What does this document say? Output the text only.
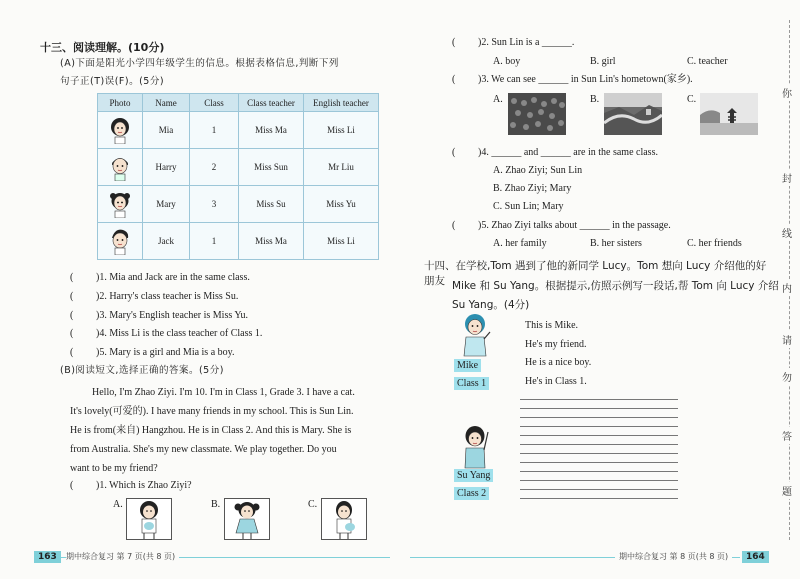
十三、阅读理解。(10分)
(A)下面是阳光小学四年级学生的信息。根据表格信息,判断下列
句子正(T)误(F)。(5分)
Photo	Name	Class	Class teacher	English teacher
	Mia	1	Miss Ma	Miss Li
	Harry	2	Miss Sun	Mr Liu
	Mary	3	Miss Su	Miss Yu
	Jack	1	Miss Ma	Miss Li
( )1. Mia and Jack are in the same class.
( )2. Harry's class teacher is Miss Su.
( )3. Mary's English teacher is Miss Yu.
( )4. Miss Li is the class teacher of Class 1.
( )5. Mary is a girl and Mia is a boy.
(B)阅读短文,选择正确的答案。(5分)
Hello, I'm Zhao Ziyi. I'm 10. I'm in Class 1, Grade 3. I have a cat.
It's lovely(可爱的). I have many friends in my school. This is Sun Lin.
He is from(来自) Hangzhou. He is in Class 2. And this is Mary. She is
from Australia. She's my new classmate. We play together. Do you
want to be my friend?
( )1. Which is Zhao Ziyi?
A.	B.	C.
163	期中综合复习 第 7 页(共 8 页)
( )2. Sun Lin is a ______.
A. boy	B. girl	C. teacher
( )3. We can see ______ in Sun Lin's hometown(家乡).
A.	B.	C.
( )4. ______ and ______ are in the same class.
A. Zhao Ziyi; Sun Lin
B. Zhao Ziyi; Mary
C. Sun Lin; Mary
( )5. Zhao Ziyi talks about ______ in the passage.
A. her family	B. her sisters	C. her friends
十四、在学校,Tom 遇到了他的新同学 Lucy。Tom 想向 Lucy 介绍他的好朋友 Mike 和 Su Yang。根据提示,仿照示例写一段话,帮 Tom 向 Lucy 介绍
Su Yang。(4分)
Mike
Class 1
This is Mike.
He's my friend.
He is a nice boy.
He's in Class 1.
Su Yang
Class 2
期中综合复习 第 8 页(共 8 页)	164
你
封
线
内
请
勿
答
题
